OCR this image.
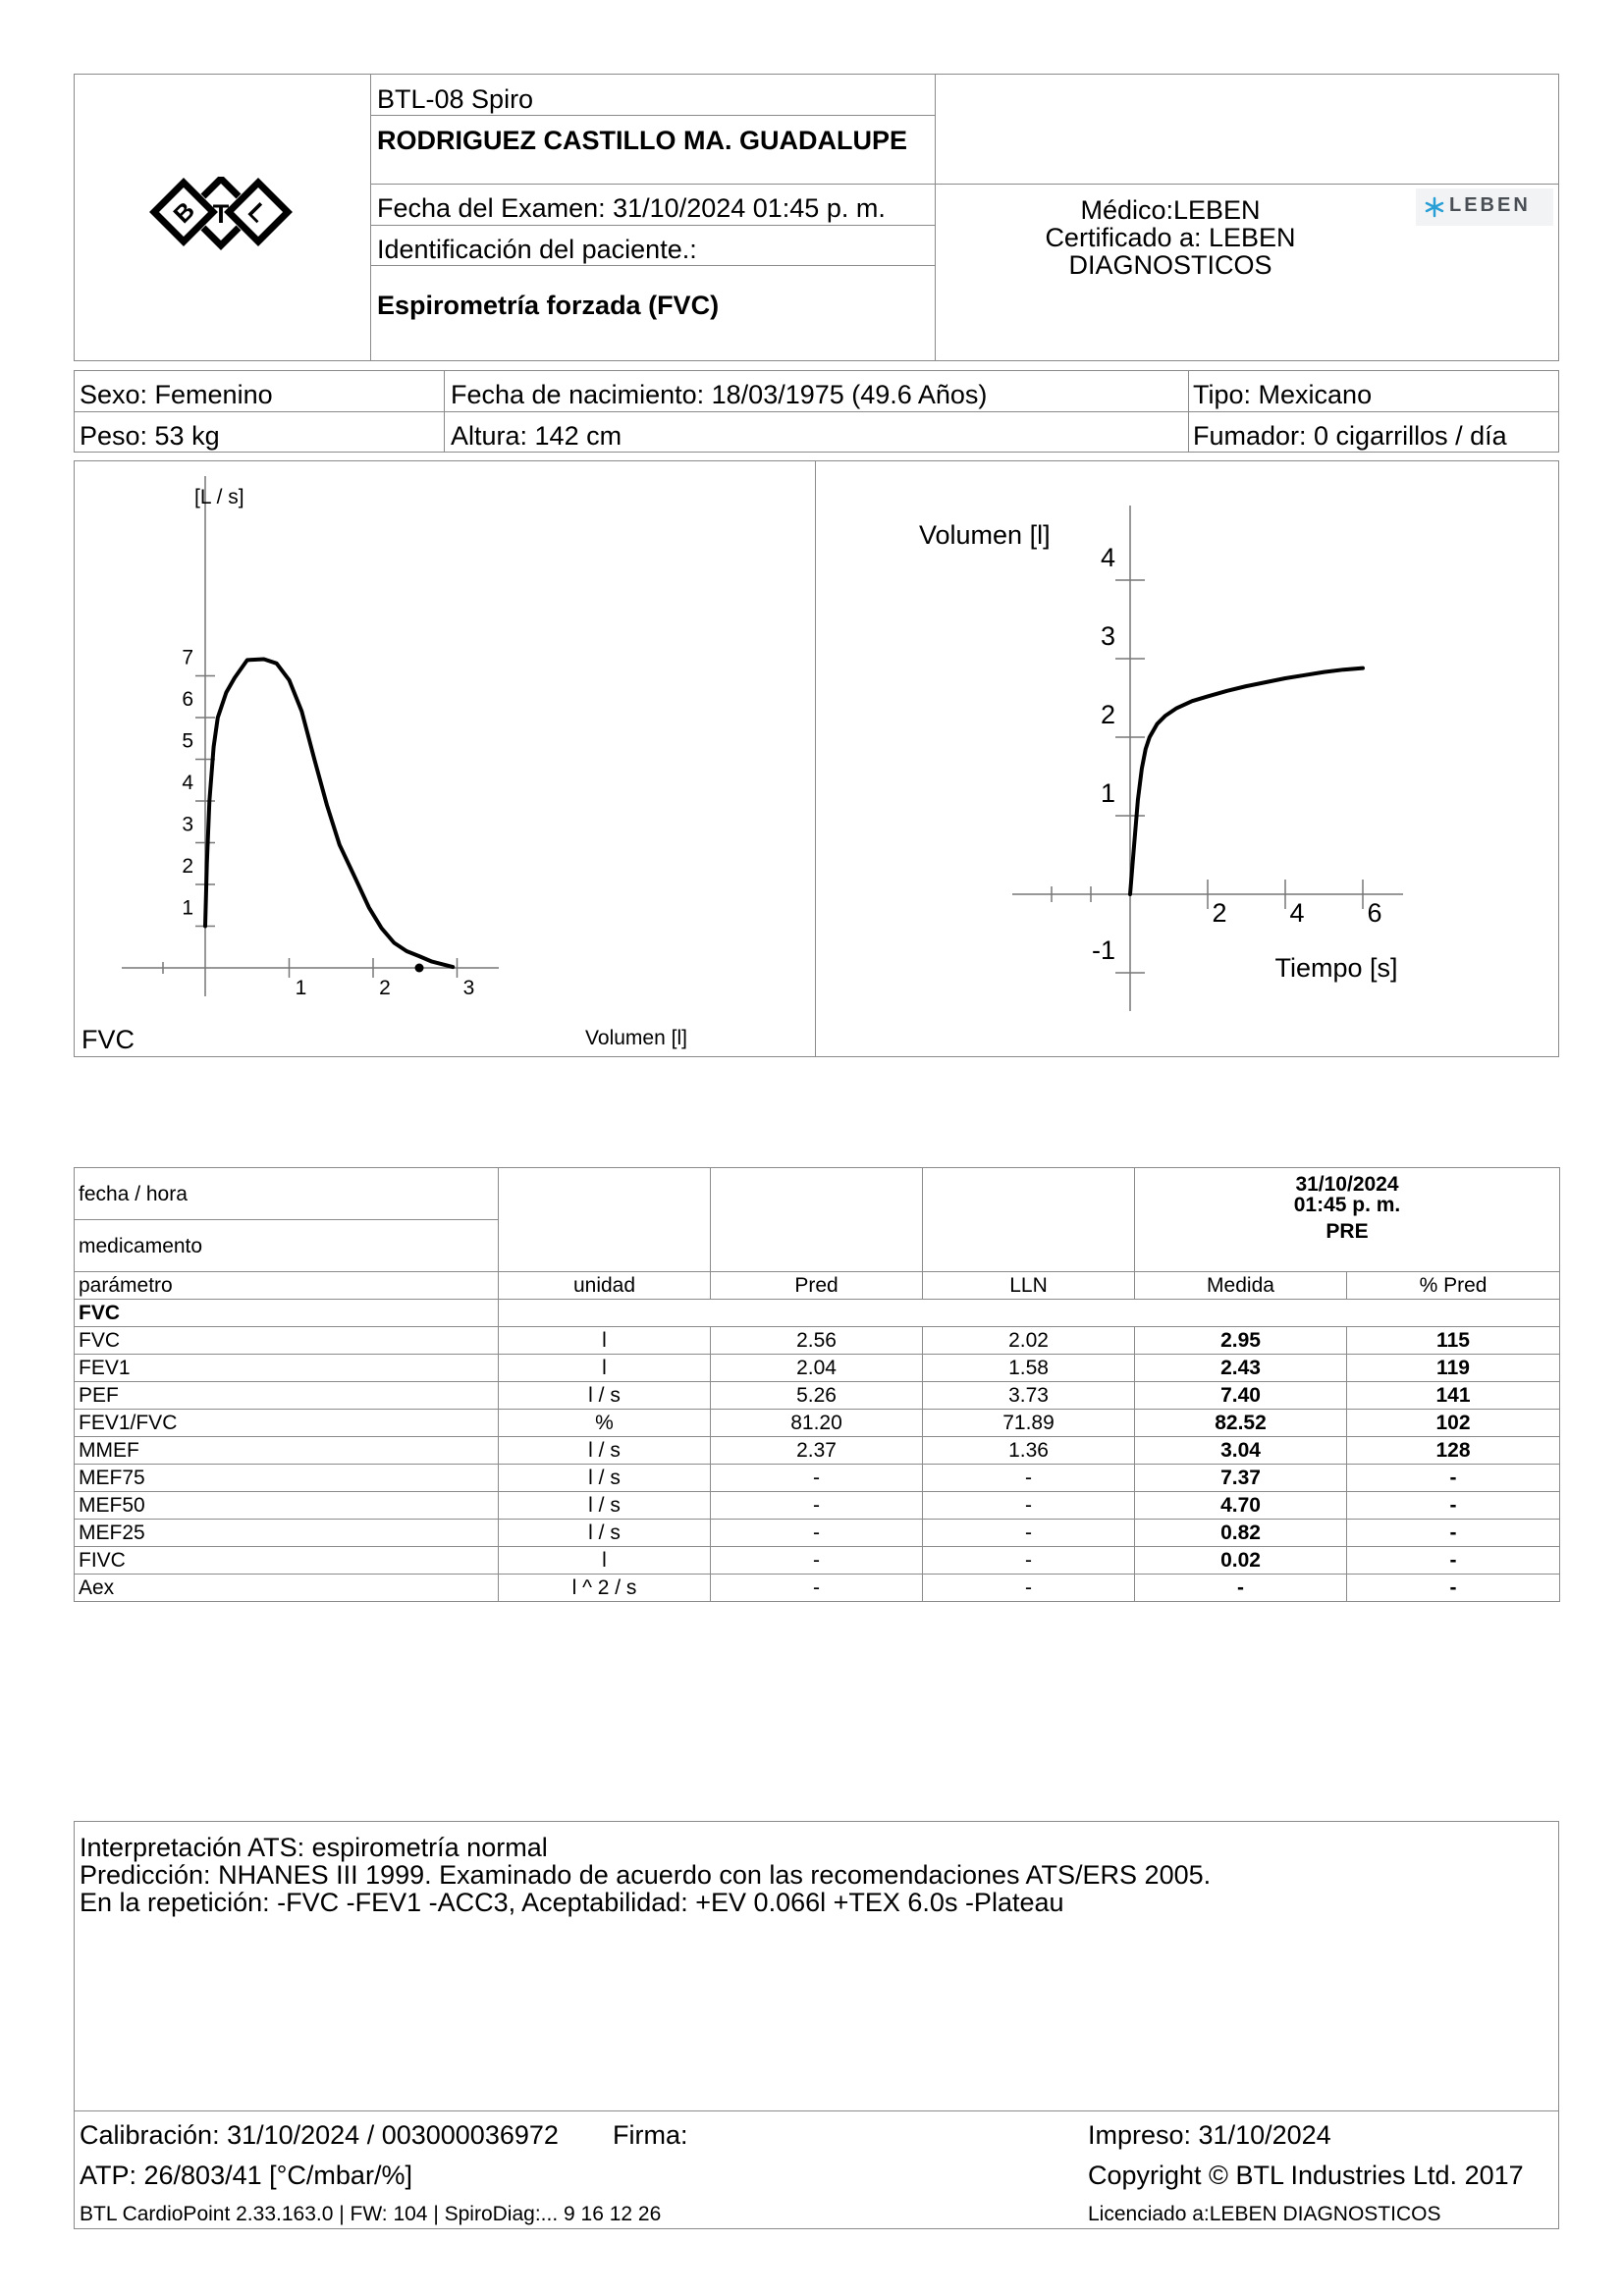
B T L
BTL-08 Spiro
RODRIGUEZ CASTILLO MA. GUADALUPE
Fecha del Examen: 31/10/2024 01:45 p. m.
Identificación del paciente.:
Espirometría forzada (FVC)
Médico:LEBEN
Certificado a: LEBEN
DIAGNOSTICOS
LEBEN
Sexo: Femenino	Fecha de nacimiento: 18/03/1975 (49.6 Años)	Tipo: Mexicano
Peso: 53 kg	Altura: 142 cm	Fumador: 0 cigarrillos / día
1
2
3
4
5
6
7
1	2	3
[L / s]
Volumen [l]
FVC
-1
1
2
3
4
2 4 6
Volumen [l]
Tiempo [s]
fecha / hora				31/10/2024
01:45 p. m.
PRE	

medicamento					
parámetro	unidad	Pred	LLN	Medida	% Pred
FVC					
FVC	l	2.56	2.02	2.95	115
FEV1	l	2.04	1.58	2.43	119
PEF	l / s	5.26	3.73	7.40	141
FEV1/FVC	%	81.20	71.89	82.52	102
MMEF	l / s	2.37	1.36	3.04	128
MEF75	l / s	-	-	7.37	-
MEF50	l / s	-	-	4.70	-
MEF25	l / s	-	-	0.82	-
FIVC	l	-	-	0.02	-
Aex	l ^ 2 / s	-	-	-	-
Interpretación ATS: espirometría normal
Predicción: NHANES III 1999. Examinado de acuerdo con las recomendaciones ATS/ERS 2005.
En la repetición: -FVC -FEV1 -ACC3, Aceptabilidad: +EV 0.066l +TEX 6.0s -Plateau
Calibración: 31/10/2024 / 003000036972 Firma:	Impreso: 31/10/2024
ATP: 26/803/41 [°C/mbar/%]	Copyright © BTL Industries Ltd. 2017
BTL CardioPoint 2.33.163.0 | FW: 104 | SpiroDiag:... 9 16 12 26	Licenciado a:LEBEN DIAGNOSTICOS
